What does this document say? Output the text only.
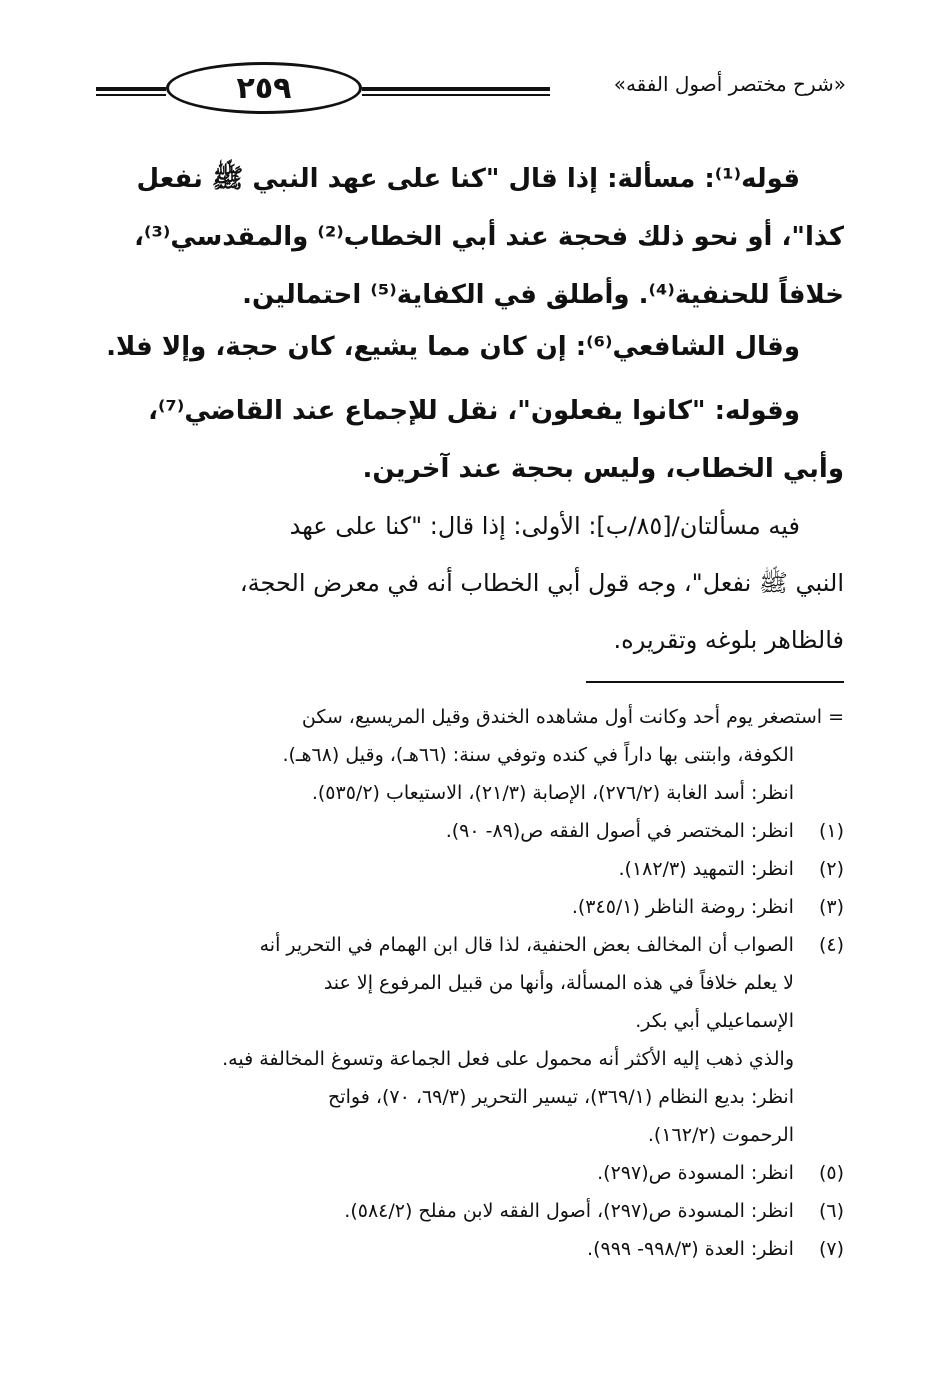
٢٥٩	«شرح مختصر أصول الفقه»
قوله⁽¹⁾: مسألة: إذا قال "كنا على عهد النبي ﷺ نفعل
كذا"، أو نحو ذلك فحجة عند أبي الخطاب⁽²⁾ والمقدسي⁽³⁾،
خلافاً للحنفية⁽⁴⁾. وأطلق في الكفاية⁽⁵⁾ احتمالين.
وقال الشافعي⁽⁶⁾: إن كان مما يشيع، كان حجة، وإلا فلا.
وقوله: "كانوا يفعلون"، نقل للإجماع عند القاضي⁽⁷⁾،
وأبي الخطاب، وليس بحجة عند آخرين.
فيه مسألتان/[٨٥/ب]: الأولى: إذا قال: "كنا على عهد
النبي ﷺ نفعل"، وجه قول أبي الخطاب أنه في معرض الحجة،
فالظاهر بلوغه وتقريره.
= استصغر يوم أحد وكانت أول مشاهده الخندق وقيل المريسيع، سكن
الكوفة، وابتنى بها داراً في كنده وتوفي سنة: (٦٦هـ)، وقيل (٦٨هـ).
انظر: أسد الغابة (٢٧٦/٢)، الإصابة (٢١/٣)، الاستيعاب (٥٣٥/٢).
(١) انظر: المختصر في أصول الفقه ص(٨٩- ٩٠).
(٢) انظر: التمهيد (١٨٢/٣).
(٣) انظر: روضة الناظر (٣٤٥/١).
(٤) الصواب أن المخالف بعض الحنفية، لذا قال ابن الهمام في التحرير أنه
لا يعلم خلافاً في هذه المسألة، وأنها من قبيل المرفوع إلا عند
الإسماعيلي أبي بكر.
والذي ذهب إليه الأكثر أنه محمول على فعل الجماعة وتسوغ المخالفة فيه.
انظر: بديع النظام (٣٦٩/١)، تيسير التحرير (٦٩/٣، ٧٠)، فواتح
الرحموت (١٦٢/٢).
(٥) انظر: المسودة ص(٢٩٧).
(٦) انظر: المسودة ص(٢٩٧)، أصول الفقه لابن مفلح (٥٨٤/٢).
(٧) انظر: العدة (٩٩٨/٣- ٩٩٩).
